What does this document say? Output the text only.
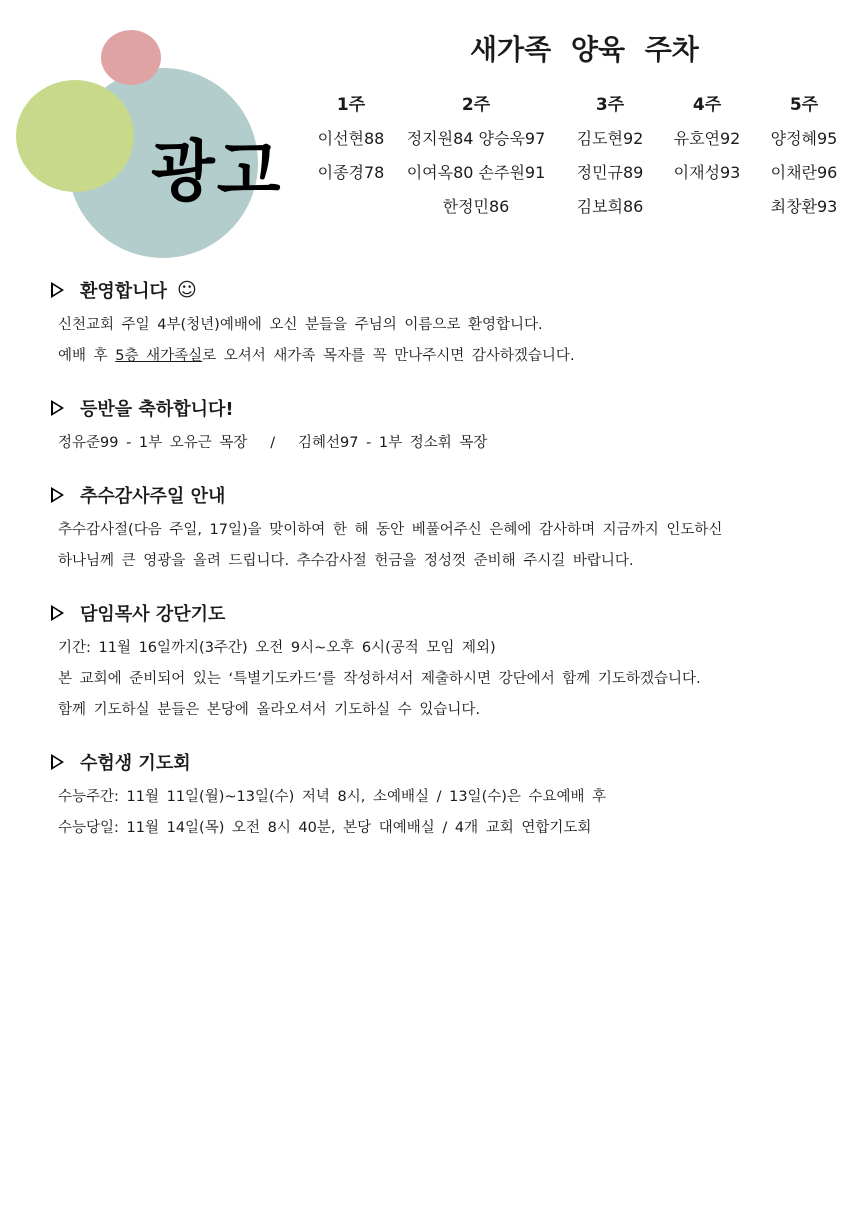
광고
새가족 양육 주차
1주
이선현88
이종경78
2주
정지원84 양승욱97
이여옥80 손주원91
한정민86
3주
김도현92
정민규89
김보희86
4주
유호연92
이재성93
5주
양정혜95
이채란96
최창환93
환영합니다 ☺
신천교회 주일 4부(청년)예배에 오신 분들을 주님의 이름으로 환영합니다.
예배 후 5층 새가족실로 오셔서 새가족 목자를 꼭 만나주시면 감사하겠습니다.
등반을 축하합니다!
정유준99 - 1부 오유근 목장   /   김혜선97 - 1부 정소휘 목장
추수감사주일 안내
추수감사절(다음 주일, 17일)을 맞이하여 한 해 동안 베풀어주신 은혜에 감사하며 지금까지 인도하신
하나님께 큰 영광을 올려 드립니다. 추수감사절 헌금을 정성껏 준비해 주시길 바랍니다.
담임목사 강단기도
기간: 11월 16일까지(3주간) 오전 9시~오후 6시(공적 모임 제외)
본 교회에 준비되어 있는 ‘특별기도카드’를 작성하셔서 제출하시면 강단에서 함께 기도하겠습니다.
함께 기도하실 분들은 본당에 올라오셔서 기도하실 수 있습니다.
수험생 기도회
수능주간: 11월 11일(월)~13일(수) 저녁 8시, 소예배실 / 13일(수)은 수요예배 후
수능당일: 11월 14일(목) 오전 8시 40분, 본당 대예배실 / 4개 교회 연합기도회
